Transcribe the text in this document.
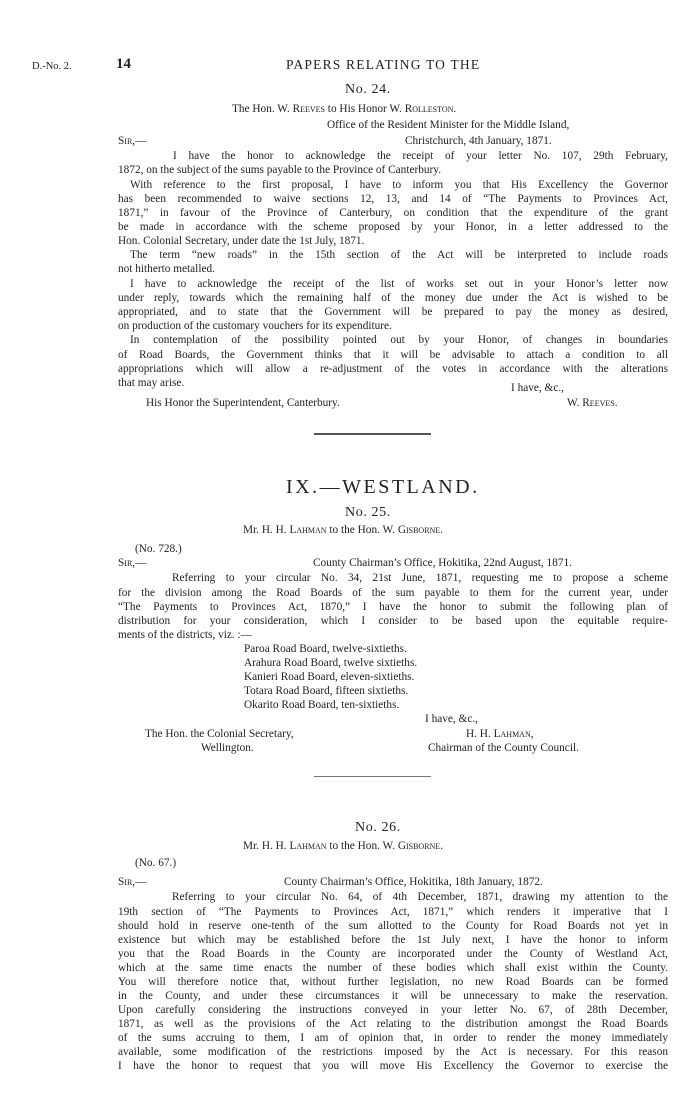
D.-No. 2.	14	PAPERS RELATING TO THE
No. 24.
The Hon. W. Reeves to His Honor W. Rolleston.
Office of the Resident Minister for the Middle Island,
Sir,—	Christchurch, 4th January, 1871.
I have the honor to acknowledge the receipt of your letter No. 107, 29th February,
1872, on the subject of the sums payable to the Province of Canterbury.
With reference to the first proposal, I have to inform you that His Excellency the Governor
has been recommended to waive sections 12, 13, and 14 of “The Payments to Provinces Act,
1871,” in favour of the Province of Canterbury, on condition that the expenditure of the grant
be made in accordance with the scheme proposed by your Honor, in a letter addressed to the
Hon. Colonial Secretary, under date the 1st July, 1871.
The term “new roads” in the 15th section of the Act will be interpreted to include roads
not hitherto metalled.
I have to acknowledge the receipt of the list of works set out in your Honor’s letter now
under reply, towards which the remaining half of the money due under the Act is wished to be
appropriated, and to state that the Government will be prepared to pay the money as desired,
on production of the customary vouchers for its expenditure.
In contemplation of the possibility pointed out by your Honor, of changes in boundaries
of Road Boards, the Government thinks that it will be advisable to attach a condition to all
appropriations which will allow a re-adjustment of the votes in accordance with the alterations
that may arise.	I have, &c.,
His Honor the Superintendent, Canterbury.	W. Reeves.
IX.—WESTLAND.
No. 25.
Mr. H. H. Lahman to the Hon. W. Gisborne.
(No. 728.)
Sir,—	County Chairman’s Office, Hokitika, 22nd August, 1871.
Referring to your circular No. 34, 21st June, 1871, requesting me to propose a scheme
for the division among the Road Boards of the sum payable to them for the current year, under
“The Payments to Provinces Act, 1870,” I have the honor to submit the following plan of
distribution for your consideration, which I consider to be based upon the equitable require-
ments of the districts, viz. :—
Paroa Road Board, twelve-sixtieths.
Arahura Road Board, twelve sixtieths.
Kanieri Road Board, eleven-sixtieths.
Totara Road Board, fifteen sixtieths.
Okarito Road Board, ten-sixtieths.
I have, &c.,
The Hon. the Colonial Secretary,	H. H. Lahman,
Wellington.	Chairman of the County Council.
No. 26.
Mr. H. H. Lahman to the Hon. W. Gisborne.
(No. 67.)
Sir,—	County Chairman’s Office, Hokitika, 18th January, 1872.
Referring to your circular No. 64, of 4th December, 1871, drawing my attention to the
19th section of “The Payments to Provinces Act, 1871,” which renders it imperative that I
should hold in reserve one-tenth of the sum allotted to the County for Road Boards not yet in
existence but which may be established before the 1st July next, I have the honor to inform
you that the Road Boards in the County are incorporated under the County of Westland Act,
which at the same time enacts the number of these bodies which shall exist within the County.
You will therefore notice that, without further legislation, no new Road Boards can be formed
in the County, and under these circumstances it will be unnecessary to make the reservation.
Upon carefully considering the instructions conveyed in your letter No. 67, of 28th December,
1871, as well as the provisions of the Act relating to the distribution amongst the Road Boards
of the sums accruing to them, I am of opinion that, in order to render the money immediately
available, some modification of the restrictions imposed by the Act is necessary. For this reason
I have the honor to request that you will move His Excellency the Governor to exercise the
